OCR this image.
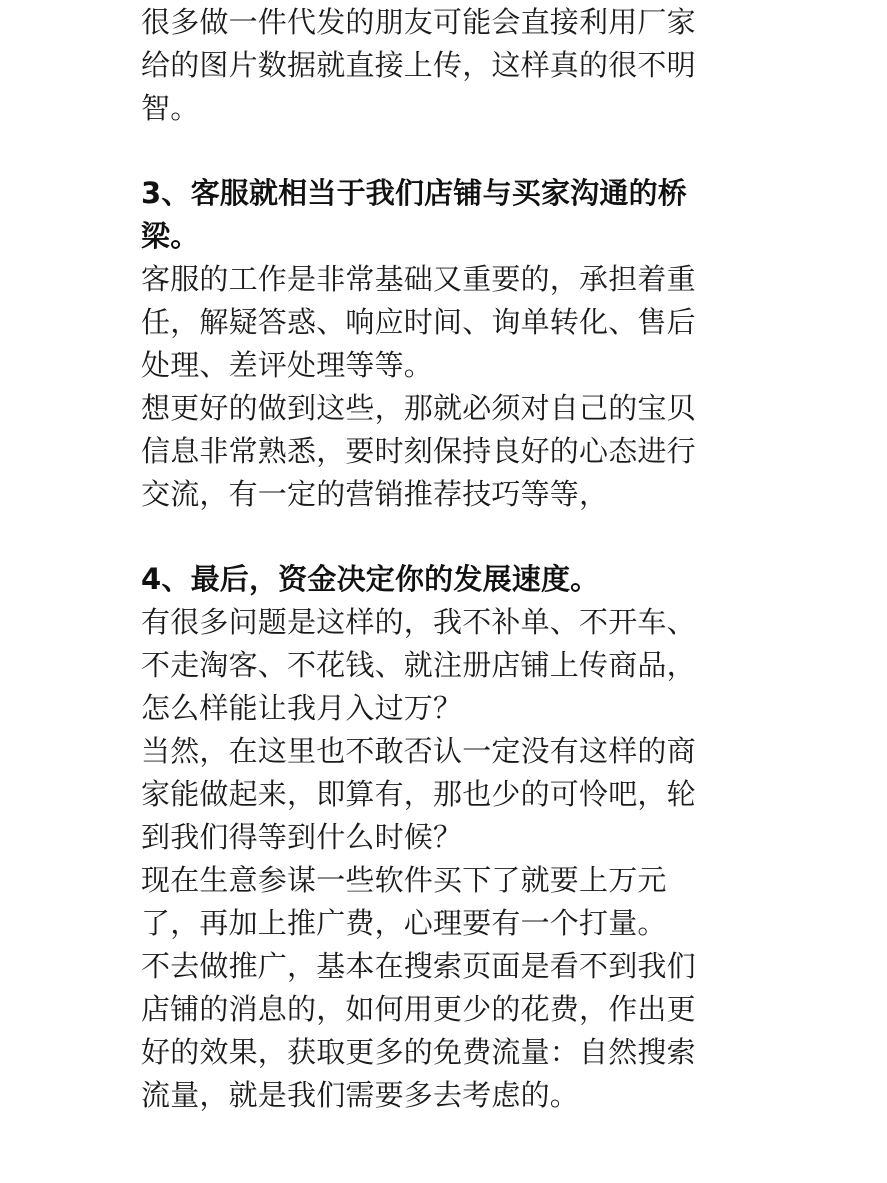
很多做一件代发的朋友可能会直接利用厂家
给的图片数据就直接上传，这样真的很不明
智。
3、客服就相当于我们店铺与买家沟通的桥
梁。
客服的工作是非常基础又重要的，承担着重
任，解疑答惑、响应时间、询单转化、售后
处理、差评处理等等。
想更好的做到这些，那就必须对自己的宝贝
信息非常熟悉，要时刻保持良好的心态进行
交流，有一定的营销推荐技巧等等，
4、最后，资金决定你的发展速度。
有很多问题是这样的，我不补单、不开车、
不走淘客、不花钱、就注册店铺上传商品，
怎么样能让我月入过万？
当然，在这里也不敢否认一定没有这样的商
家能做起来，即算有，那也少的可怜吧，轮
到我们得等到什么时候？
现在生意参谋一些软件买下了就要上万元
了，再加上推广费，心理要有一个打量。
不去做推广，基本在搜索页面是看不到我们
店铺的消息的，如何用更少的花费，作出更
好的效果，获取更多的免费流量：自然搜索
流量，就是我们需要多去考虑的。
